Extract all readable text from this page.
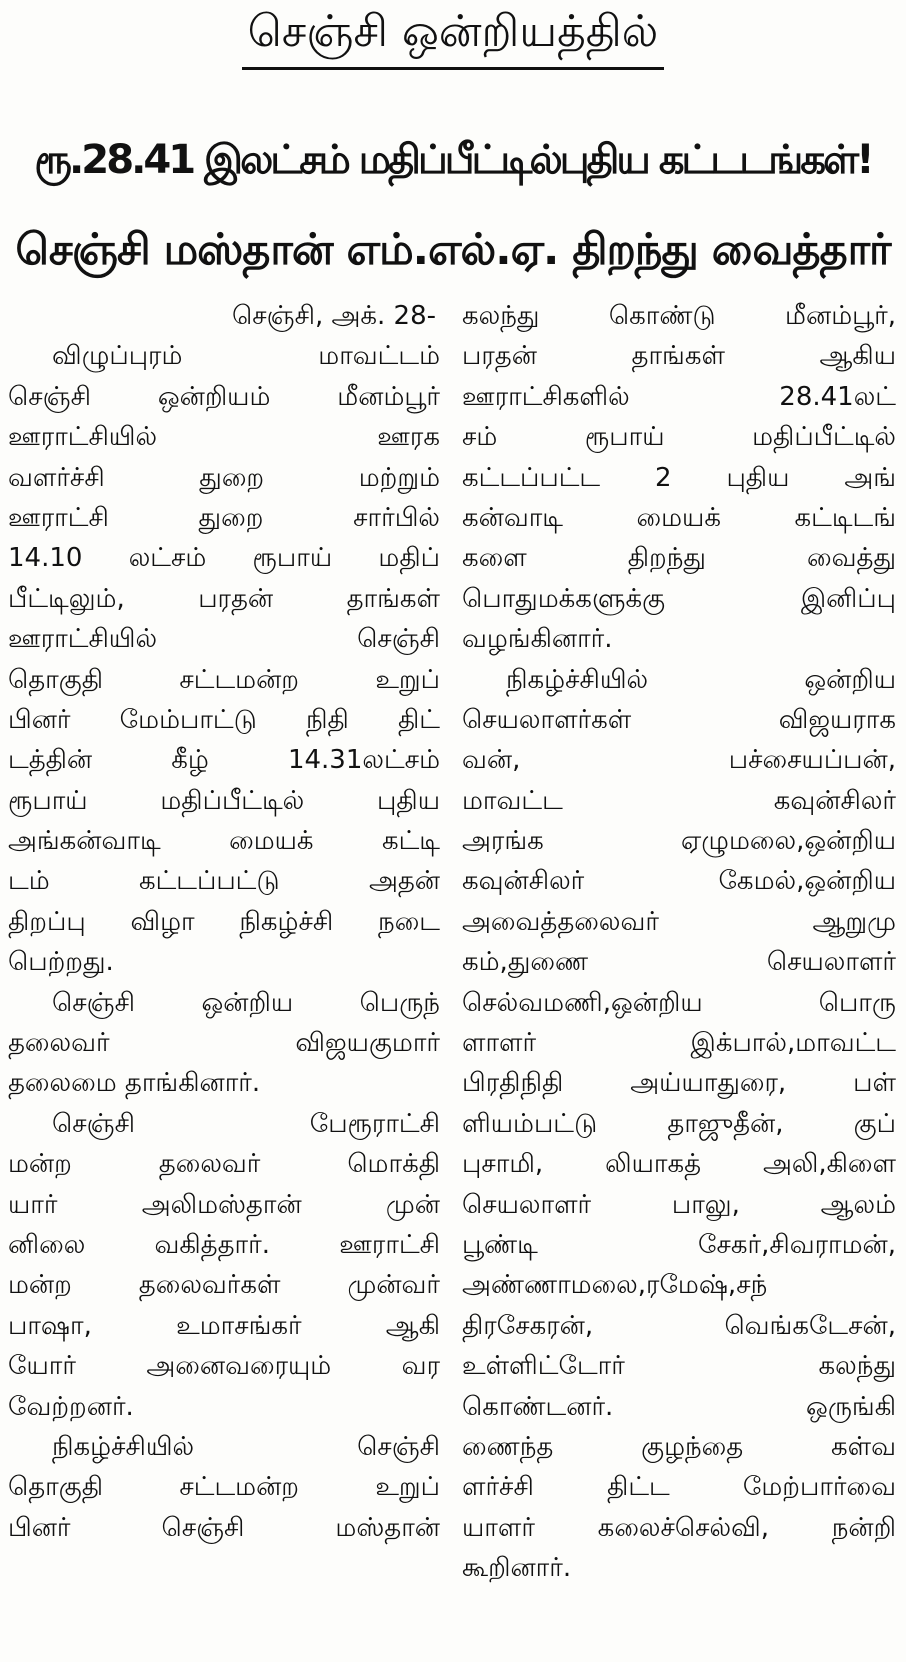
செஞ்சி ஒன்றியத்தில்
ரூ.28.41 இலட்சம் மதிப்பீட்டில்புதிய கட்டடங்கள்!
செஞ்சி மஸ்தான் எம்.எல்.ஏ. திறந்து வைத்தார்
செஞ்சி, அக். 28-
விழுப்புரம் மாவட்டம்
செஞ்சி ஒன்றியம் மீனம்பூர்
ஊராட்சியில் ஊரக
வளர்ச்சி துறை மற்றும்
ஊராட்சி துறை சார்பில்
14.10 லட்சம் ரூபாய் மதிப்
பீட்டிலும், பரதன் தாங்கள்
ஊராட்சியில் செஞ்சி
தொகுதி சட்டமன்ற உறுப்
பினர் மேம்பாட்டு நிதி திட்
டத்தின் கீழ் 14.31லட்சம்
ரூபாய் மதிப்பீட்டில் புதிய
அங்கன்வாடி மையக் கட்டி
டம் கட்டப்பட்டு அதன்
திறப்பு விழா நிகழ்ச்சி நடை
பெற்றது.
செஞ்சி ஒன்றிய பெருந்
தலைவர் விஜயகுமார்
தலைமை தாங்கினார்.
செஞ்சி பேரூராட்சி
மன்ற தலைவர் மொக்தி
யார் அலிமஸ்தான் முன்
னிலை வகித்தார். ஊராட்சி
மன்ற தலைவர்கள் முன்வர்
பாஷா, உமாசங்கர் ஆகி
யோர் அனைவரையும் வர
வேற்றனர்.
நிகழ்ச்சியில் செஞ்சி
தொகுதி சட்டமன்ற உறுப்
பினர் செஞ்சி மஸ்தான்
கலந்து கொண்டு மீனம்பூர்,
பரதன் தாங்கள் ஆகிய
ஊராட்சிகளில் 28.41லட்
சம் ரூபாய் மதிப்பீட்டில்
கட்டப்பட்ட 2 புதிய அங்
கன்வாடி மையக் கட்டிடங்
களை திறந்து வைத்து
பொதுமக்களுக்கு இனிப்பு
வழங்கினார்.
நிகழ்ச்சியில் ஒன்றிய
செயலாளர்கள் விஜயராக
வன், பச்சையப்பன்,
மாவட்ட கவுன்சிலர்
அரங்க ஏழுமலை,ஒன்றிய
கவுன்சிலர் கேமல்,ஒன்றிய
அவைத்தலைவர் ஆறுமு
கம்,துணை செயலாளர்
செல்வமணி,ஒன்றிய பொரு
ளாளர் இக்பால்,மாவட்ட
பிரதிநிதி அய்யாதுரை, பள்
ளியம்பட்டு தாஜுதீன், குப்
புசாமி, லியாகத் அலி,கிளை
செயலாளர் பாலு, ஆலம்
பூண்டி சேகர்,சிவராமன்,
அண்ணாமலை,ரமேஷ்,சந்
திரசேகரன், வெங்கடேசன்,
உள்ளிட்டோர் கலந்து
கொண்டனர். ஒருங்கி
ணைந்த குழந்தை கள்வ
ளர்ச்சி திட்ட மேற்பார்வை
யாளர் கலைச்செல்வி, நன்றி
கூறினார்.
